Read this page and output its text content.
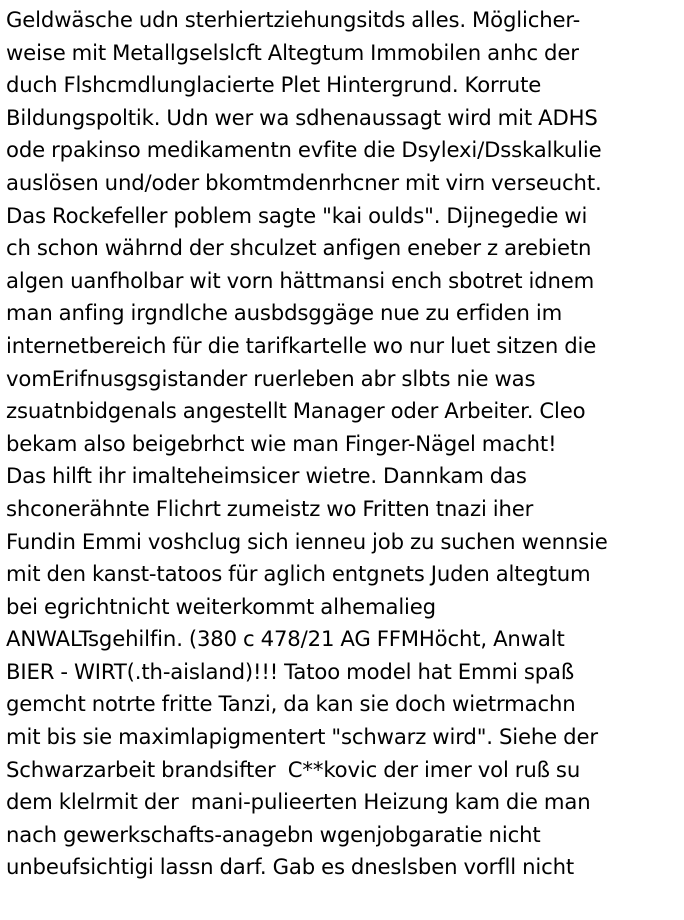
Geldwäsche udn sterhiertziehungsitds alles. Möglicher-
weise mit Metallgselslcft Altegtum Immobilen anhc der
duch Flshcmdlunglacierte Plet Hintergrund. Korrute
Bildungspoltik. Udn wer wa sdhenaussagt wird mit ADHS
ode rpakinso medikamentn evfite die Dsylexi/Dsskalkulie
auslösen und/oder bkomtmdenrhcner mit virn verseucht.
Das Rockefeller poblem sagte "kai oulds". Dijnegedie wi
ch schon währnd der shculzet anfigen eneber z arebietn
algen uanfholbar wit vorn hättmansi ench sbotret idnem
man anfing irgndlche ausbdsggäge nue zu erfiden im
internetbereich für die tarifkartelle wo nur luet sitzen die
vomErifnusgsgistander ruerleben abr slbts nie was
zsuatnbidgenals angestellt Manager oder Arbeiter. Cleo
bekam also beigebrhct wie man Finger-Nägel macht!
Das hilft ihr imalteheimsicer wietre. Dannkam das
shconerähnte Flichrt zumeistz wo Fritten tnazi iher
Fundin Emmi voshclug sich ienneu job zu suchen wennsie
mit den kanst-tatoos für aglich entgnets Juden altegtum
bei egrichtnicht weiterkommt alhemalieg
ANWALTsgehilfin. (380 c 478/21 AG FFMHöcht, Anwalt
BIER - WIRT(.th-aisland)!!! Tatoo model hat Emmi spaß
gemcht notrte fritte Tanzi, da kan sie doch wietrmachn
mit bis sie maximlapigmentert "schwarz wird". Siehe der
Schwarzarbeit brandsifter  C**kovic der imer vol ruß su
dem klelrmit der  mani-pulieerten Heizung kam die man
nach gewerkschafts-anagebn wgenjobgaratie nicht
unbeufsichtigi lassn darf. Gab es dneslsben vorfll nicht
